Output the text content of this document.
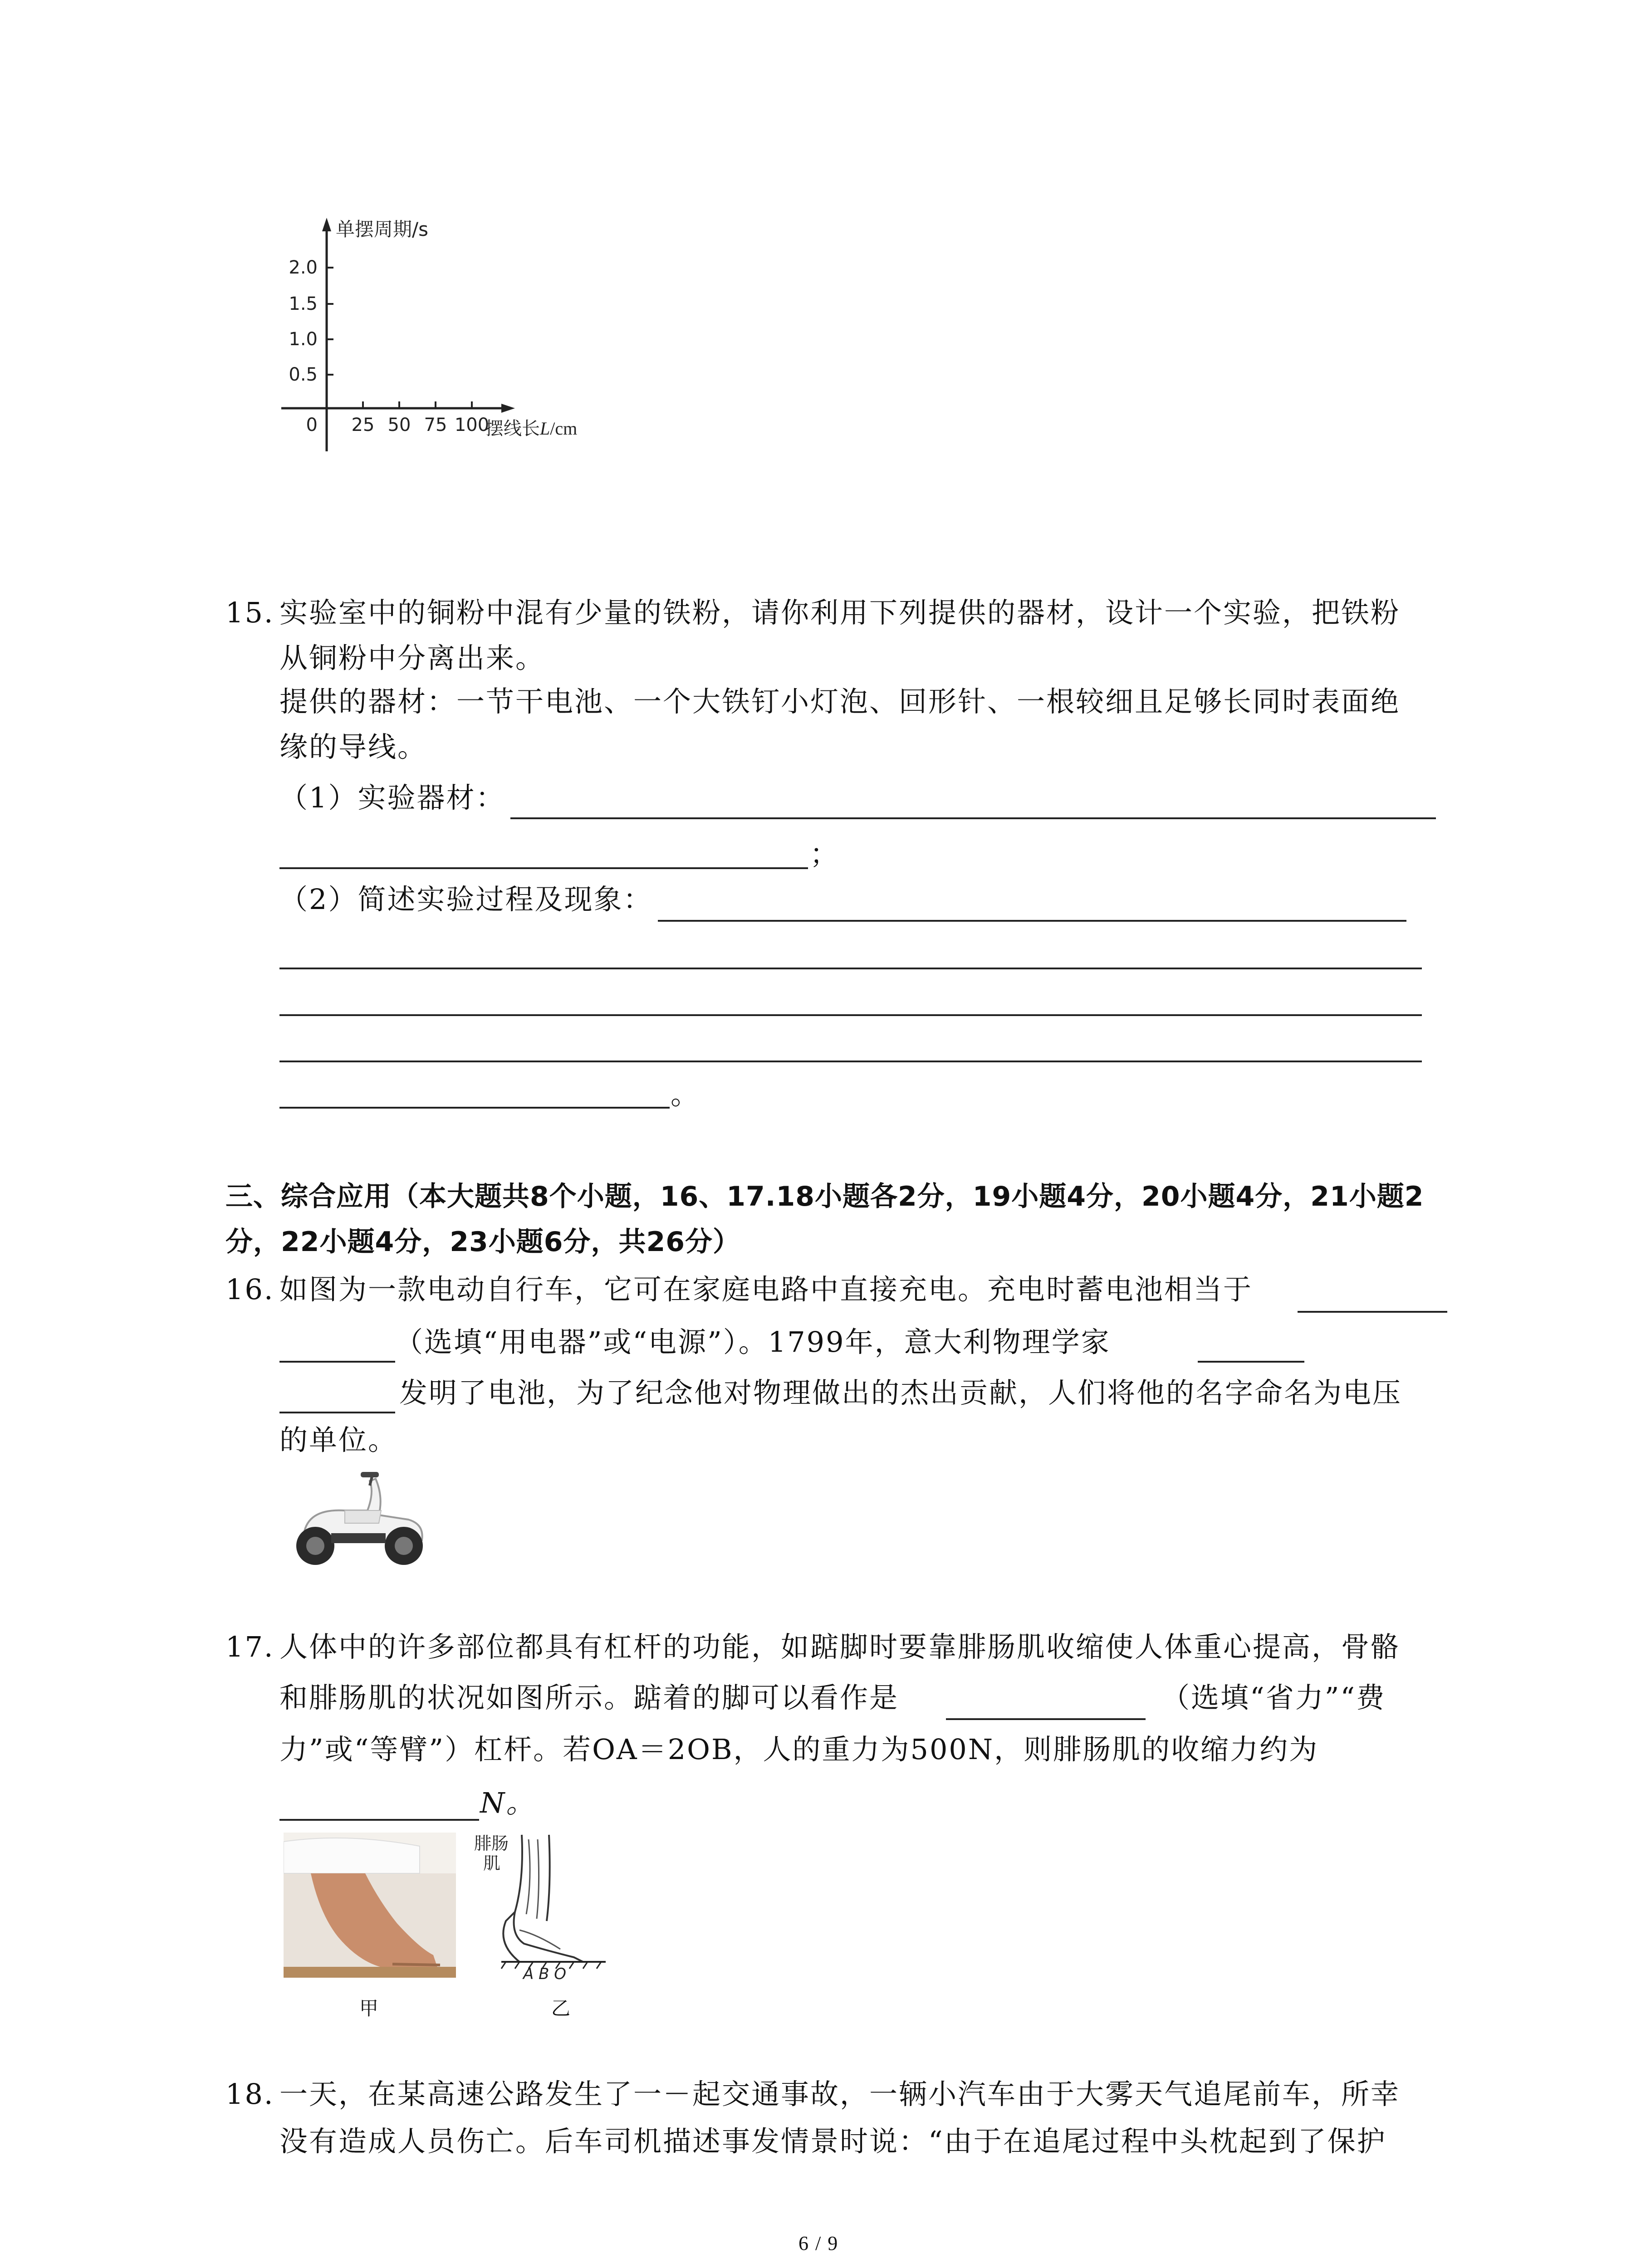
单摆周期/s
2.0
1.5
1.0
0.5
0 25 50 75 100
摆线长L/cm
15. 实验室中的铜粉中混有少量的铁粉，请你利用下列提供的器材，设计一个实验，把铁粉
从铜粉中分离出来。
提供的器材：一节干电池、一个大铁钉小灯泡、回形针、一根较细且足够长同时表面绝
缘的导线。
（1）实验器材：
；
（2）简述实验过程及现象：
。
三、综合应用（本大题共8个小题，16、17.18小题各2分，19小题4分，20小题4分，21小题2
分，22小题4分，23小题6分，共26分）
16. 如图为一款电动自行车，它可在家庭电路中直接充电。充电时蓄电池相当于
（选填“用电器”或“电源”）。1799年，意大利物理学家
发明了电池，为了纪念他对物理做出的杰出贡献，人们将他的名字命名为电压
的单位。
17. 人体中的许多部位都具有杠杆的功能，如踮脚时要靠腓肠肌收缩使人体重心提高，骨骼
和腓肠肌的状况如图所示。踮着的脚可以看作是	（选填“省力”“费
力”或“等臂”）杠杆。若OA＝2OB，人的重力为500N，则腓肠肌的收缩力约为
N。
甲
腓肠
肌
A B O
乙
18. 一天，在某高速公路发生了一－起交通事故，一辆小汽车由于大雾天气追尾前车，所幸
没有造成人员伤亡。后车司机描述事发情景时说：“由于在追尾过程中头枕起到了保护
6 / 9
